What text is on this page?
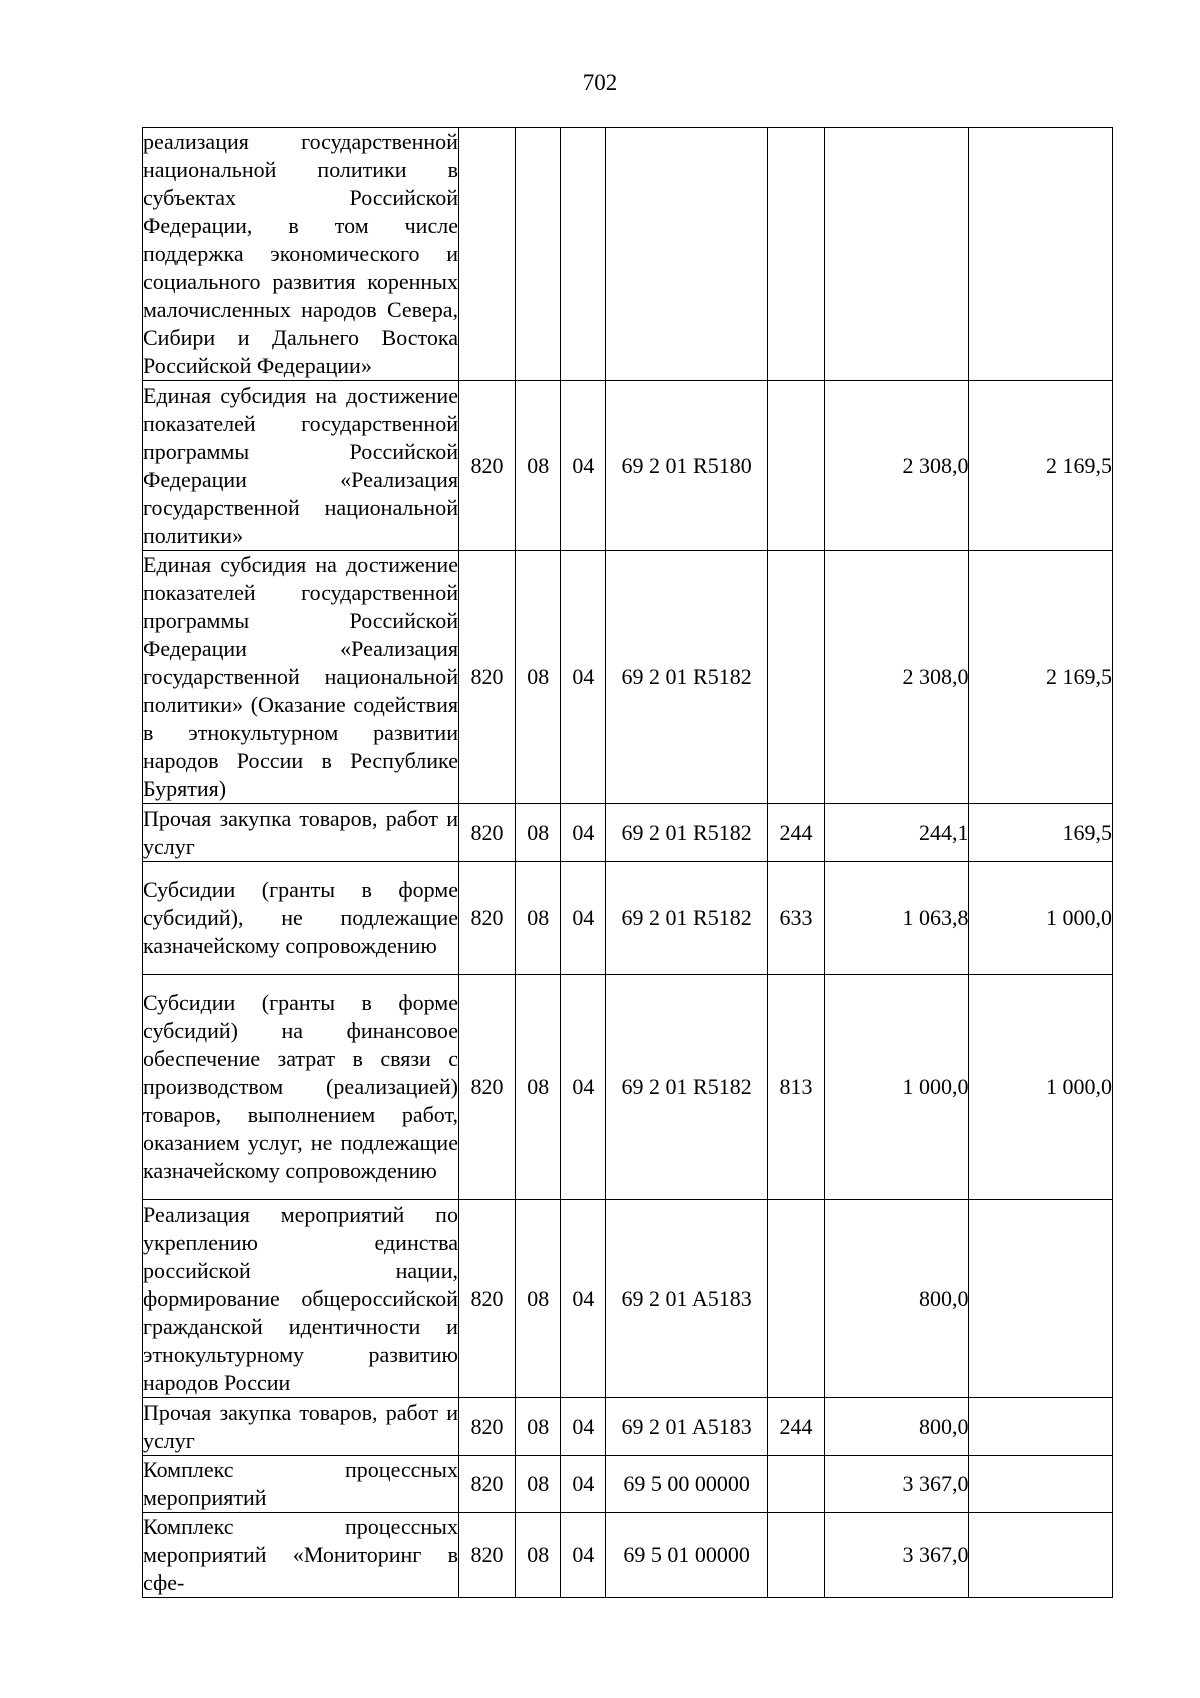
702
реализация государственной национальной политики в субъектах Российской Федерации, в том числе поддержка экономического и социального развития коренных малочисленных народов Севера, Сибири и Дальнего Востока Российской Федерации»							
Единая субсидия на достижение показателей государственной программы Российской Федерации «Реализация государственной национальной политики»	820	08	04	69 2 01 R5180		2 308,0	2 169,5
Единая субсидия на достижение показателей государственной программы Российской Федерации «Реализация государственной национальной политики» (Оказание содействия в этнокультурном развитии народов России в Республике Бурятия)	820	08	04	69 2 01 R5182		2 308,0	2 169,5
Прочая закупка товаров, работ и услуг	820	08	04	69 2 01 R5182	244	244,1	169,5
Субсидии (гранты в форме субсидий), не подлежащие казначейскому сопровождению	820	08	04	69 2 01 R5182	633	1 063,8	1 000,0
Субсидии (гранты в форме субсидий) на финансовое обеспечение затрат в связи с производством (реализацией) товаров, выполнением работ, оказанием услуг, не подлежащие казначейскому сопровождению	820	08	04	69 2 01 R5182	813	1 000,0	1 000,0
Реализация мероприятий по укреплению единства российской нации, формирование общероссийской гражданской идентичности и этнокультурному развитию народов России	820	08	04	69 2 01 A5183		800,0	
Прочая закупка товаров, работ и услуг	820	08	04	69 2 01 A5183	244	800,0	
Комплекс процессных мероприятий	820	08	04	69 5 00 00000		3 367,0	
Комплекс процессных мероприятий «Мониторинг в сфе-	820	08	04	69 5 01 00000		3 367,0	
